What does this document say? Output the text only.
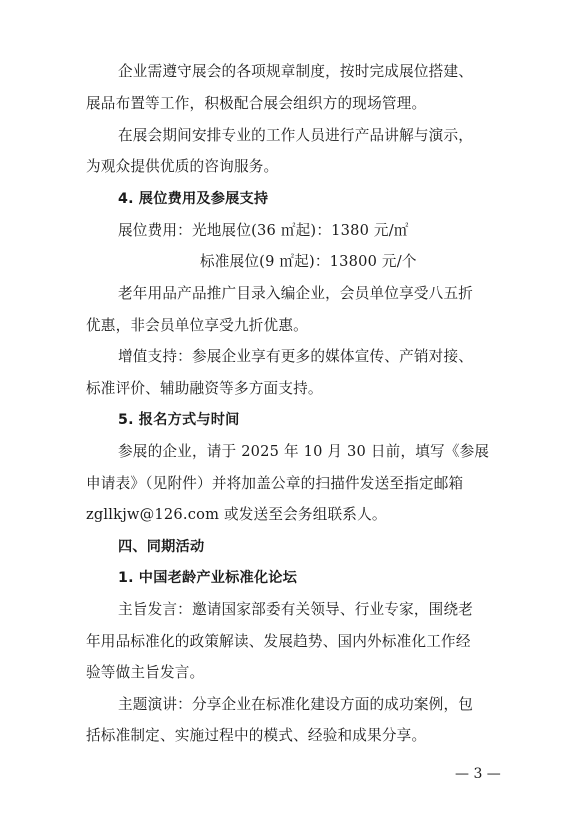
企业需遵守展会的各项规章制度，按时完成展位搭建、
展品布置等工作，积极配合展会组织方的现场管理。
在展会期间安排专业的工作人员进行产品讲解与演示，
为观众提供优质的咨询服务。
4. 展位费用及参展支持
展位费用：光地展位(36 ㎡起)：1380 元/㎡
标准展位(9 ㎡起)：13800 元/个
老年用品产品推广目录入编企业，会员单位享受八五折
优惠，非会员单位享受九折优惠。
增值支持：参展企业享有更多的媒体宣传、产销对接、
标准评价、辅助融资等多方面支持。
5. 报名方式与时间
参展的企业，请于 2025 年 10 月 30 日前，填写《参展
申请表》（见附件）并将加盖公章的扫描件发送至指定邮箱
zgllkjw@126.com 或发送至会务组联系人。
四、同期活动
1. 中国老龄产业标准化论坛
主旨发言：邀请国家部委有关领导、行业专家，围绕老
年用品标准化的政策解读、发展趋势、国内外标准化工作经
验等做主旨发言。
主题演讲：分享企业在标准化建设方面的成功案例，包
括标准制定、实施过程中的模式、经验和成果分享。
— 3 —
